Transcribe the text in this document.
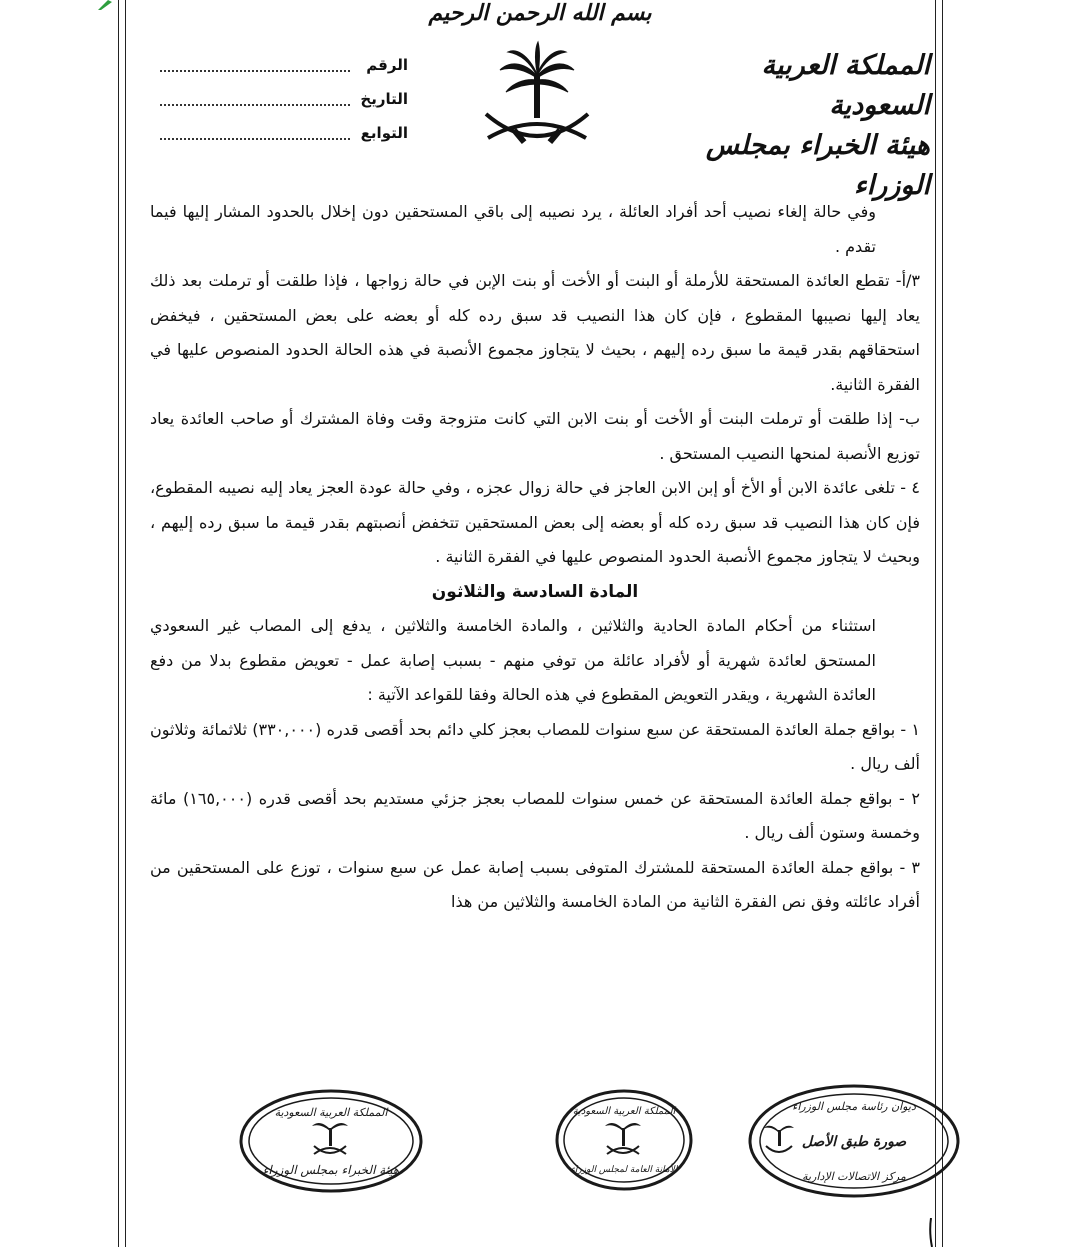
بسم الله الرحمن الرحيم
المملكة العربية السعودية
هيئة الخبراء بمجلس الوزراء
الرقم
التاريخ
التوابع

وفي حالة إلغاء نصيب أحد أفراد العائلة ، يرد نصيبه إلى باقي المستحقين دون إخلال بالحدود المشار إليها فيما تقدم .

٣/أ- تقطع العائدة المستحقة للأرملة أو البنت أو الأخت أو بنت الإبن في حالة زواجها ، فإذا طلقت أو ترملت بعد ذلك يعاد إليها نصيبها المقطوع ، فإن كان هذا النصيب قد سبق رده كله أو بعضه على بعض المستحقين ، فيخفض استحقاقهم بقدر قيمة ما سبق رده إليهم ، بحيث لا يتجاوز مجموع الأنصبة في هذه الحالة الحدود المنصوص عليها في الفقرة الثانية.

ب- إذا طلقت أو ترملت البنت أو الأخت أو بنت الابن التي كانت متزوجة وقت وفاة المشترك أو صاحب العائدة يعاد توزيع الأنصبة لمنحها النصيب المستحق .

٤ - تلغى عائدة الابن أو الأخ أو إبن الابن العاجز في حالة زوال عجزه ، وفي حالة عودة العجز يعاد إليه نصيبه المقطوع، فإن كان هذا النصيب قد سبق رده كله أو بعضه إلى بعض المستحقين تتخفض أنصبتهم بقدر قيمة ما سبق رده إليهم ، وبحيث لا يتجاوز مجموع الأنصبة الحدود المنصوص عليها في الفقرة الثانية .

المادة السادسة والثلاثون

استثناء من أحكام المادة الحادية والثلاثين ، والمادة الخامسة والثلاثين ، يدفع إلى المصاب غير السعودي المستحق لعائدة شهرية أو لأفراد عائلة من توفي منهم - بسبب إصابة عمل - تعويض مقطوع بدلا من دفع العائدة الشهرية ، ويقدر التعويض المقطوع في هذه الحالة وفقا للقواعد الآتية :

١ - بواقع جملة العائدة المستحقة عن سبع سنوات للمصاب بعجز كلي دائم بحد أقصى قدره (٣٣٠,٠٠٠) ثلاثمائة وثلاثون ألف ريال .

٢ - بواقع جملة العائدة المستحقة عن خمس سنوات للمصاب بعجز جزئي مستديم بحد أقصى قدره (١٦٥,٠٠٠) مائة وخمسة وستون ألف ريال .

٣ - بواقع جملة العائدة المستحقة للمشترك المتوفى بسبب إصابة عمل عن سبع سنوات ، توزع على المستحقين من أفراد عائلته وفق نص الفقرة الثانية من المادة الخامسة والثلاثين من هذا

المملكة العربية السعودية
هيئة الخبراء بمجلس الوزراء
المملكة العربية السعودية
الأمانة العامة لمجلس الوزراء
ديوان رئاسة مجلس الوزراء
صورة طبق الأصل
مركز الاتصالات الإدارية
